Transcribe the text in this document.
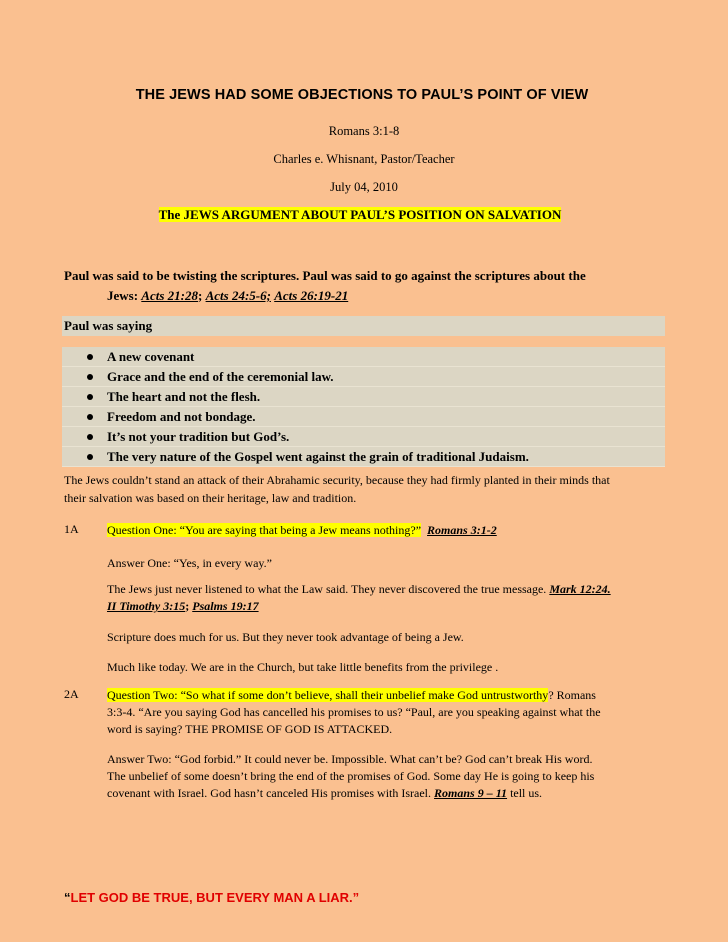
THE JEWS HAD SOME OBJECTIONS TO PAUL’S POINT OF VIEW
Romans 3:1-8
Charles e. Whisnant, Pastor/Teacher
July 04, 2010
The JEWS ARGUMENT ABOUT PAUL’S POSITION ON SALVATION
Paul was said to be twisting the scriptures. Paul was said to go against the scriptures about the
Jews: Acts 21:28; Acts 24:5-6; Acts 26:19-21
Paul was saying
A new covenant
Grace and the end of the ceremonial law.
The heart and not the flesh.
Freedom and not bondage.
It’s not your tradition but God’s.
The very nature of the Gospel went against the grain of traditional Judaism.
The Jews couldn’t stand an attack of their Abrahamic security, because they had firmly planted in their minds that
their salvation was based on their heritage, law and tradition.
1A Question One: “You are saying that being a Jew means nothing?” Romans 3:1-2
Answer One: “Yes, in every way.”
The Jews just never listened to what the Law said. They never discovered the true message. Mark 12:24.
II Timothy 3:15; Psalms 19:17
Scripture does much for us. But they never took advantage of being a Jew.
Much like today. We are in the Church, but take little benefits from the privilege .
2A Question Two: “So what if some don’t believe, shall their unbelief make God untrustworthy? Romans
3:3-4. “Are you saying God has cancelled his promises to us? “Paul, are you speaking against what the
word is saying? THE PROMISE OF GOD IS ATTACKED.
Answer Two: “God forbid.” It could never be. Impossible. What can’t be? God can’t break His word.
The unbelief of some doesn’t bring the end of the promises of God. Some day He is going to keep his
covenant with Israel. God hasn’t canceled His promises with Israel. Romans 9 – 11 tell us.
“LET GOD BE TRUE, BUT EVERY MAN A LIAR.”
